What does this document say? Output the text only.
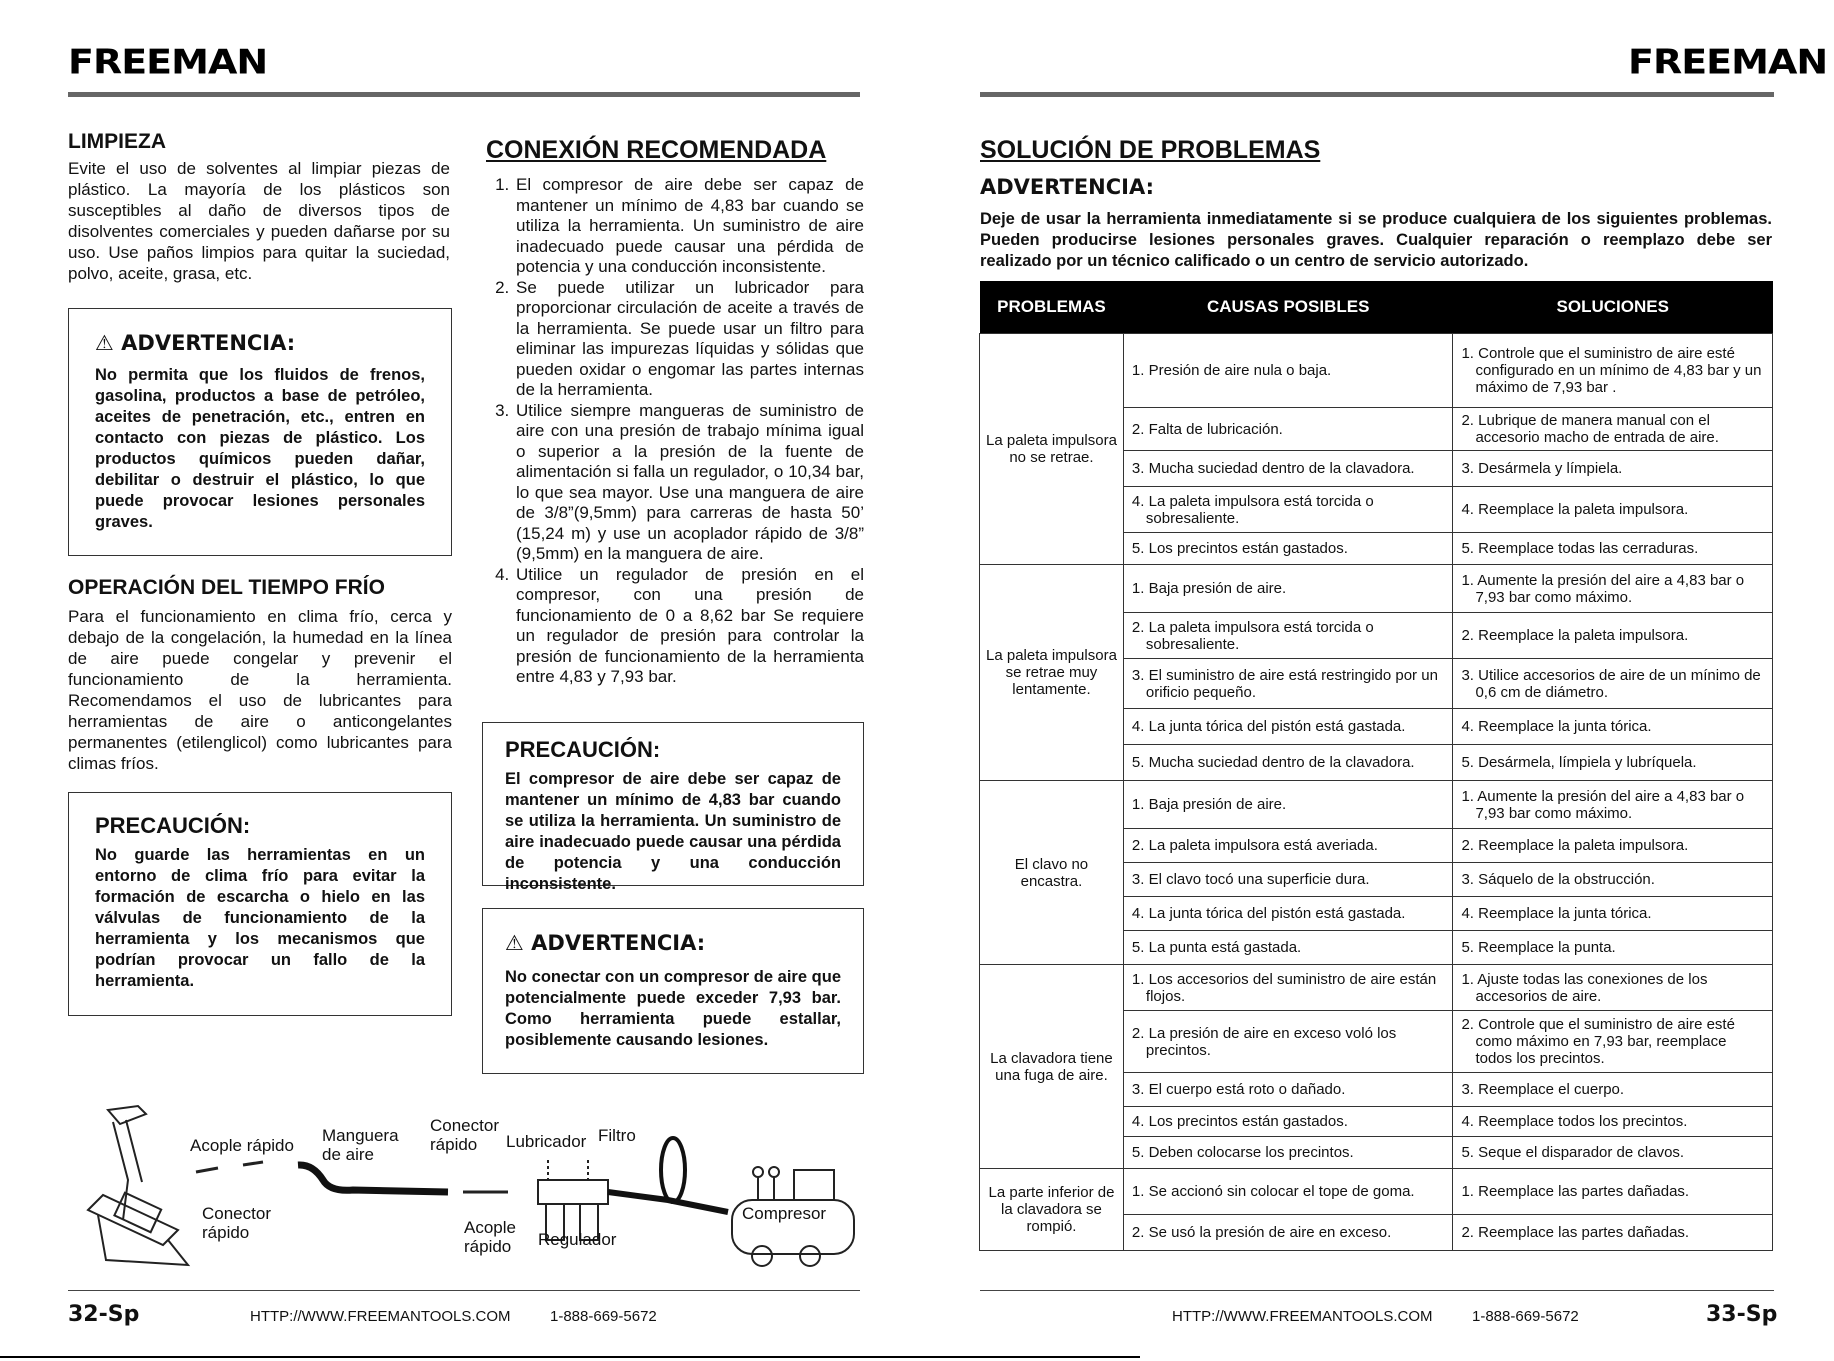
FREEMAN
LIMPIEZA

Evite el uso de solventes al limpiar piezas de plástico. La mayoría de los plásticos son susceptibles al daño de diversos tipos de disolventes comerciales y pueden dañarse por su uso. Use paños limpios para quitar la suciedad, polvo, aceite, grasa, etc.

⚠ ADVERTENCIA:

No permita que los fluidos de frenos, gasolina, productos a base de petróleo, aceites de penetración, etc., entren en contacto con piezas de plástico. Los productos químicos pueden dañar, debilitar o destruir el plástico, lo que puede provocar lesiones personales graves.

OPERACIÓN DEL TIEMPO FRÍO

Para el funcionamiento en clima frío, cerca y debajo de la congelación, la humedad en la línea de aire puede congelar y prevenir el funcionamiento de la herramienta. Recomendamos el uso de lubricantes para herramientas de aire o anticongelantes permanentes (etilenglicol) como lubricantes para climas fríos.

PRECAUCIÓN:

No guarde las herramientas en un entorno de clima frío para evitar la formación de escarcha o hielo en las válvulas de funcionamiento de la herramienta y los mecanismos que podrían provocar un fallo de la herramienta.

CONEXIÓN RECOMENDADA
1. El compresor de aire debe ser capaz de mantener un mínimo de 4,83 bar cuando se utiliza la herramienta. Un suministro de aire inadecuado puede causar una pérdida de potencia y una conducción inconsistente.
2. Se puede utilizar un lubricador para proporcionar circulación de aceite a través de la herramienta. Se puede usar un filtro para eliminar las impurezas líquidas y sólidas que pueden oxidar o engomar las partes internas de la herramienta.
3. Utilice siempre mangueras de suministro de aire con una presión de trabajo mínima igual o superior a la presión de la fuente de alimentación si falla un regulador, o 10,34 bar, lo que sea mayor. Use una manguera de aire de 3/8”(9,5mm) para carreras de hasta 50’ (15,24 m) y use un acoplador rápido de 3/8” (9,5mm) en la manguera de aire.
4. Utilice un regulador de presión en el compresor, con una presión de funcionamiento de 0 a 8,62 bar Se requiere un regulador de presión para controlar la presión de funcionamiento de la herramienta entre 4,83 y 7,93 bar.
PRECAUCIÓN:

El compresor de aire debe ser capaz de mantener un mínimo de 4,83 bar cuando se utiliza la herramienta. Un suministro de aire inadecuado puede causar una pérdida de potencia y una conducción inconsistente.

⚠ ADVERTENCIA:

No conectar con un compresor de aire que potencialmente puede exceder 7,93 bar. Como herramienta puede estallar, posiblemente causando lesiones.

Acople rápido
Manguera de aire
Conector rápido
Conector rápido	Lubricador Filtro
Acople rápido	Regulador
Compresor
32-Sp	HTTP://WWW.FREEMANTOOLS.COM	1-888-669-5672
FREEMAN
SOLUCIÓN DE PROBLEMAS
ADVERTENCIA:

Deje de usar la herramienta inmediatamente si se produce cualquiera de los siguientes problemas. Pueden producirse lesiones personales graves. Cualquier reparación o reemplazo debe ser realizado por un técnico calificado o un centro de servicio autorizado.

PROBLEMAS	CAUSAS POSIBLES	SOLUCIONES
La paleta impulsora no se retrae.	1. Presión de aire nula o baja.	1. Controle que el suministro de aire esté configurado en un mínimo de 4,83 bar y un máximo de 7,93 bar .
	2. Falta de lubricación.	2. Lubrique de manera manual con el accesorio macho de entrada de aire.
	3. Mucha suciedad dentro de la clavadora.	3. Desármela y límpiela.
	4. La paleta impulsora está torcida o sobresaliente.	4. Reemplace la paleta impulsora.
	5. Los precintos están gastados.	5. Reemplace todas las cerraduras.
La paleta impulsora se retrae muy lentamente.	1. Baja presión de aire.	1. Aumente la presión del aire a 4,83 bar o 7,93 bar como máximo.
	2. La paleta impulsora está torcida o sobresaliente.	2. Reemplace la paleta impulsora.
	3. El suministro de aire está restringido por un orificio pequeño.	3. Utilice accesorios de aire de un mínimo de 0,6 cm de diámetro.
	4. La junta tórica del pistón está gastada.	4. Reemplace la junta tórica.
	5. Mucha suciedad dentro de la clavadora.	5. Desármela, límpiela y lubríquela.
El clavo no encastra.	1. Baja presión de aire.	1. Aumente la presión del aire a 4,83 bar o 7,93 bar como máximo.
	2. La paleta impulsora está averiada.	2. Reemplace la paleta impulsora.
	3. El clavo tocó una superficie dura.	3. Sáquelo de la obstrucción.
	4. La junta tórica del pistón está gastada.	4. Reemplace la junta tórica.
	5. La punta está gastada.	5. Reemplace la punta.
La clavadora tiene una fuga de aire.	1. Los accesorios del suministro de aire están flojos.	1. Ajuste todas las conexiones de los accesorios de aire.
	2. La presión de aire en exceso voló los precintos.	2. Controle que el suministro de aire esté como máximo en 7,93 bar, reemplace todos los precintos.
	3. El cuerpo está roto o dañado.	3. Reemplace el cuerpo.
	4. Los precintos están gastados.	4. Reemplace todos los precintos.
	5. Deben colocarse los precintos.	5. Seque el disparador de clavos.
La parte inferior de la clavadora se rompió.	1. Se accionó sin colocar el tope de goma.	1. Reemplace las partes dañadas.
	2. Se usó la presión de aire en exceso.	2. Reemplace las partes dañadas.
HTTP://WWW.FREEMANTOOLS.COM	1-888-669-5672	33-Sp
